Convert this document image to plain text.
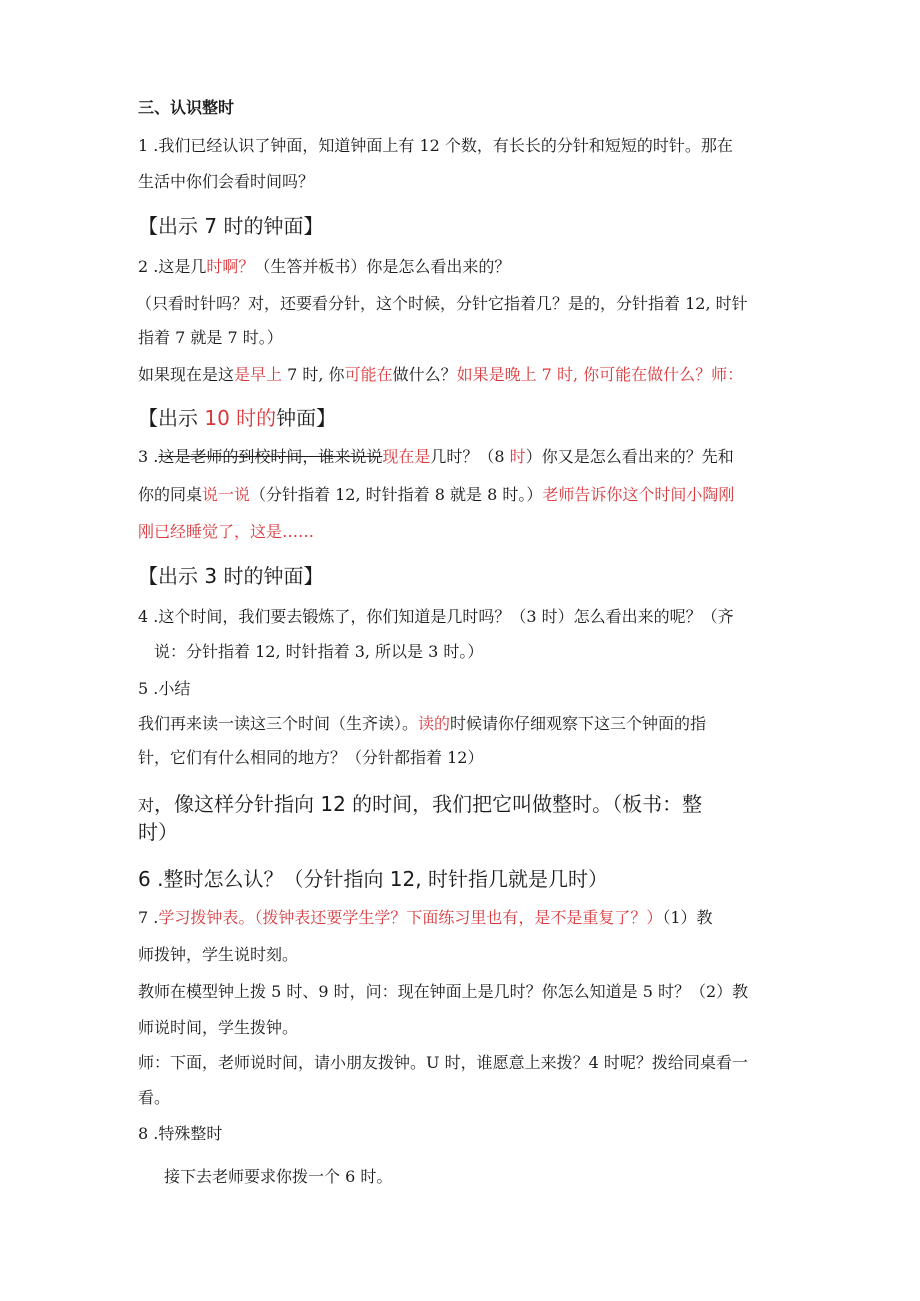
三、认识整时
1 .我们已经认识了钟面，知道钟面上有 12 个数，有长长的分针和短短的时针。那在
生活中你们会看时间吗？
【出示 7 时的钟面】
2 .这是几时啊？（生答并板书）你是怎么看出来的？
（只看时针吗？对，还要看分针，这个时候，分针它指着几？是的，分针指着 12, 时针
指着 7 就是 7 时。）
如果现在是这是早上 7 时, 你可能在做什么？如果是晚上 7 时, 你可能在做什么？师：
【出示 10 时的钟面】
3 .这是老师的到校时间，谁来说说现在是几时？（8 时）你又是怎么看出来的？先和
你的同桌说一说（分针指着 12, 时针指着 8 就是 8 时。）老师告诉你这个时间小陶刚
刚已经睡觉了，这是……
【出示 3 时的钟面】
4 .这个时间，我们要去锻炼了，你们知道是几时吗？（3 时）怎么看出来的呢？（齐
说：分针指着 12, 时针指着 3, 所以是 3 时。）
5 .小结
我们再来读一读这三个时间（生齐读）。读的时候请你仔细观察下这三个钟面的指
针，它们有什么相同的地方？（分针都指着 12）
对，像这样分针指向 12 的时间，我们把它叫做整时。（板书：整
时）
6 .整时怎么认？（分针指向 12, 时针指几就是几时）
7 .学习拨钟表。（拨钟表还要学生学？下面练习里也有，是不是重复了？）（1）教
师拨钟，学生说时刻。
教师在模型钟上拨 5 时、9 时，问：现在钟面上是几时？你怎么知道是 5 时？（2）教
师说时间，学生拨钟。
师：下面，老师说时间，请小朋友拨钟。U 时，谁愿意上来拨？4 时呢？拨给同桌看一
看。
8 .特殊整时
接下去老师要求你拨一个 6 时。
